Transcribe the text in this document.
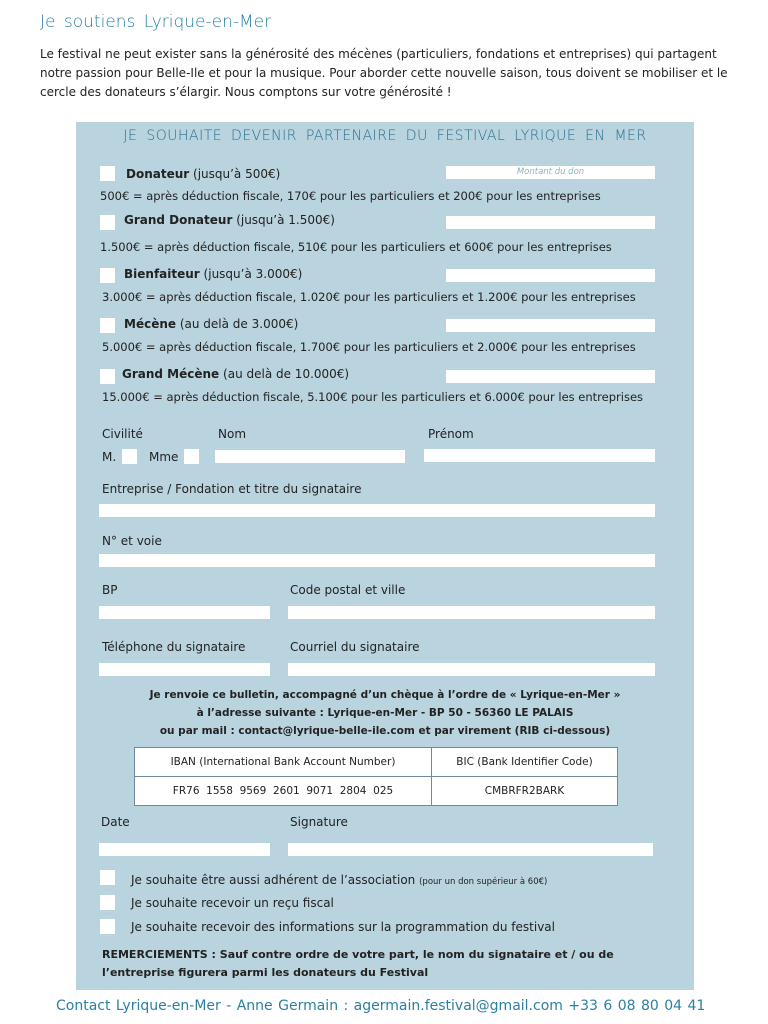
Je soutiens Lyrique-en-Mer
Le festival ne peut exister sans la générosité des mécènes (particuliers, fondations et entreprises) qui partagent notre passion pour Belle-Ile et pour la musique. Pour aborder cette nouvelle saison, tous doivent se mobiliser et le cercle des donateurs s’élargir. Nous comptons sur votre générosité !
JE SOUHAITE DEVENIR PARTENAIRE DU FESTIVAL LYRIQUE EN MER
Donateur (jusqu’à 500€)	Montant du don
500€ = après déduction fiscale, 170€ pour les particuliers et 200€ pour les entreprises
Grand Donateur (jusqu’à 1.500€)
1.500€ = après déduction fiscale, 510€ pour les particuliers et 600€ pour les entreprises
Bienfaiteur (jusqu’à 3.000€)
3.000€ = après déduction fiscale, 1.020€ pour les particuliers et 1.200€ pour les entreprises
Mécène (au delà de 3.000€)
5.000€ = après déduction fiscale, 1.700€ pour les particuliers et 2.000€ pour les entreprises
Grand Mécène (au delà de 10.000€)
15.000€ = après déduction fiscale, 5.100€ pour les particuliers et 6.000€ pour les entreprises
Civilité	Nom	Prénom
M.	Mme
Entreprise / Fondation et titre du signataire
N° et voie
BP	Code postal et ville
Téléphone du signataire	Courriel du signataire
Je renvoie ce bulletin, accompagné d’un chèque à l’ordre de « Lyrique-en-Mer »
à l’adresse suivante : Lyrique-en-Mer - BP 50 - 56360 LE PALAIS
ou par mail : contact@lyrique-belle-ile.com et par virement (RIB ci-dessous)
IBAN (International Bank Account Number)	BIC (Bank Identifier Code)
FR76  1558  9569  2601  9071  2804  025	CMBRFR2BARK
Date	Signature
Je souhaite être aussi adhérent de l’association (pour un don supérieur à 60€)
Je souhaite recevoir un reçu fiscal
Je souhaite recevoir des informations sur la programmation du festival
REMERCIEMENTS : Sauf contre ordre de votre part, le nom du signataire et / ou de l’entreprise figurera parmi les donateurs du Festival
Contact Lyrique-en-Mer - Anne Germain : agermain.festival@gmail.com +33 6 08 80 04 41
